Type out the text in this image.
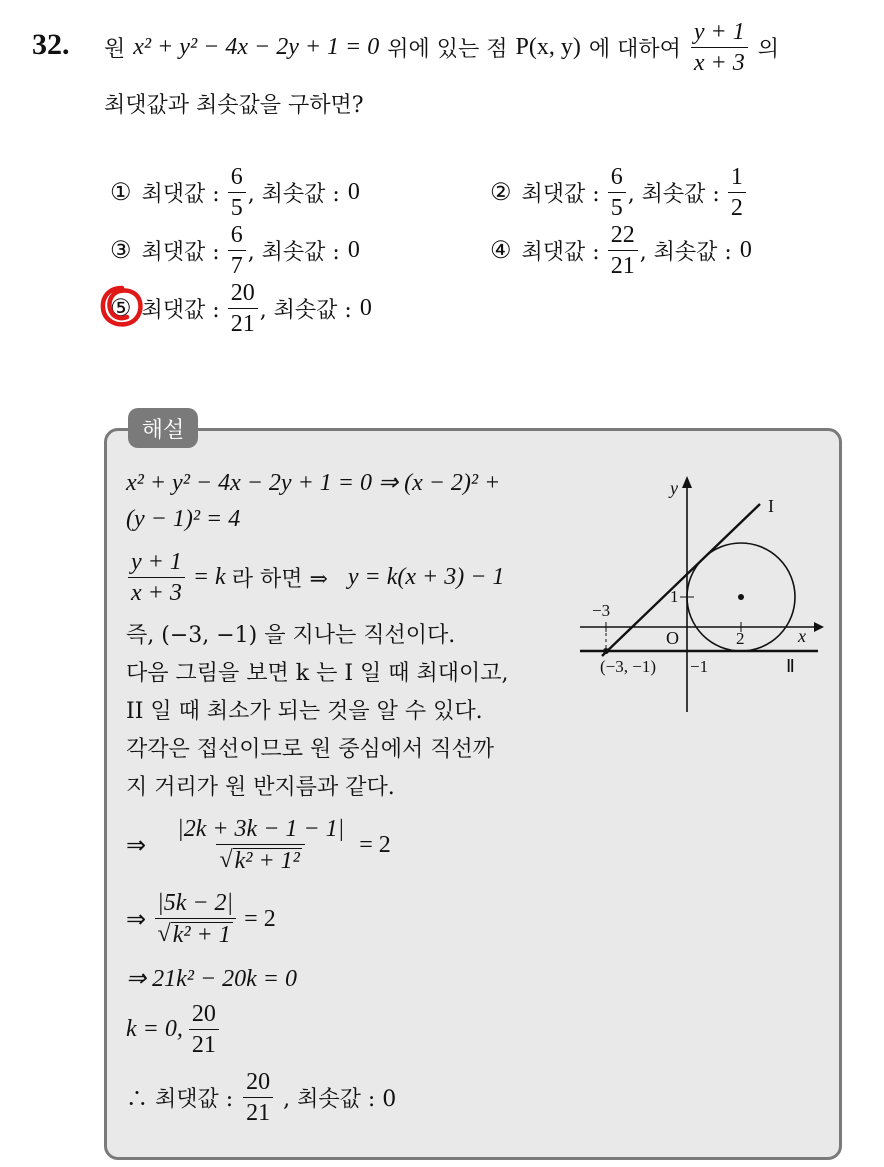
32. 원 x² + y² − 4x − 2y + 1 = 0 위에 있는 점 P(x, y) 에 대하여 $\frac{y + 1}{x + 3}$ 의
최댓값과 최솟값을 구하면?
① 최댓값 : $\frac{6}{5}$ , 최솟값 : 0	② 최댓값 : $\frac{6}{5}$ , 최솟값 : $\frac{1}{2}$
③ 최댓값 : $\frac{6}{7}$ , 최솟값 : 0	④ 최댓값 : $\frac{22}{21}$ , 최솟값 : 0
⑤ 최댓값 : $\frac{20}{21}$ , 최솟값 : 0
해설
x² + y² − 4x − 2y + 1 = 0 ⇒ (x − 2)² +
(y − 1)² = 4
$\frac{y + 1}{x + 3} = k$ 라 하면 ⇒ y = k(x + 3) − 1
즉, (−3, −1) 을 지나는 직선이다.
다음 그림을 보면 k 는 I 일 때 최대이고,
II 일 때 최소가 되는 것을 알 수 있다.
각각은 접선이므로 원 중심에서 직선까
지 거리가 원 반지름과 같다.
⇒ $\frac{|2k + 3k - 1 - 1|}{\text{√ k² + 1²}} = 2$
⇒ $\frac{|5k - 2|}{\text{√ k² + 1}} = 2$
⇒ 21k² − 20k = 0
k = 0, $\frac{20}{21}$
∴ 최댓값 : $\frac{20}{21}$ , 최솟값 : 0
y
x
O
−3
1
2
(−3, −1) −1
I
Ⅱ
